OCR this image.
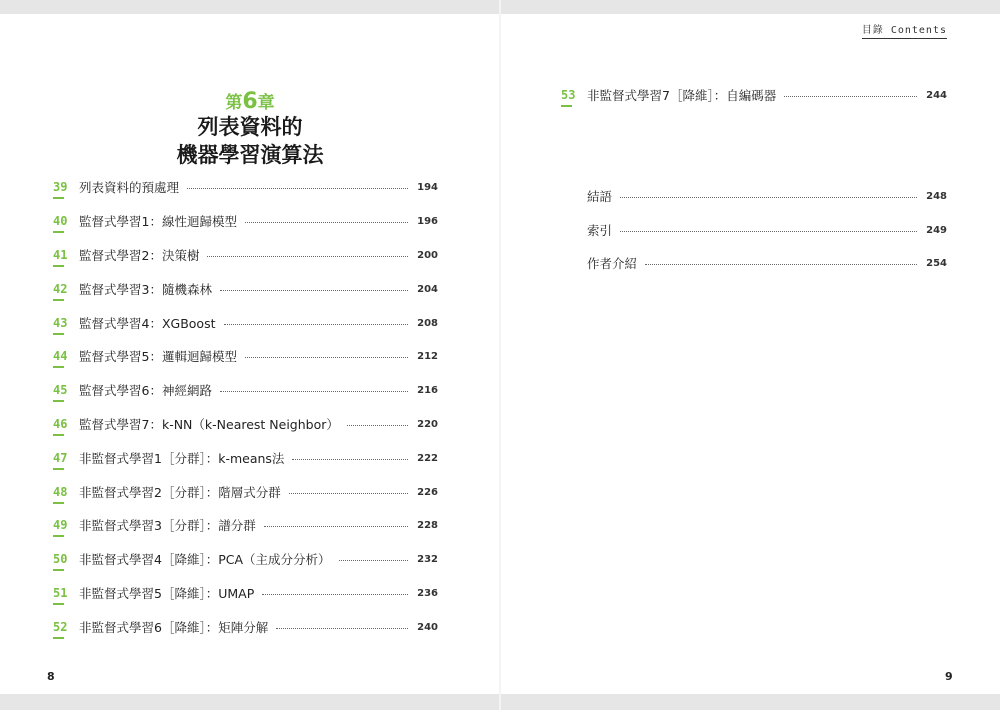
目錄 Contents
第6章
列表資料的
機器學習演算法
39 列表資料的預處理	194
40 監督式學習1：線性迴歸模型	196
41 監督式學習2：決策樹	200
42 監督式學習3：隨機森林	204
43 監督式學習4：XGBoost	208
44 監督式學習5：邏輯迴歸模型	212
45 監督式學習6：神經網路	216
46 監督式學習7：k-NN（k-Nearest Neighbor）	220
47 非監督式學習1［分群］：k-means法	222
48 非監督式學習2［分群］：階層式分群	226
49 非監督式學習3［分群］：譜分群	228
50 非監督式學習4［降維］：PCA（主成分分析）	232
51 非監督式學習5［降維］：UMAP	236
52 非監督式學習6［降維］：矩陣分解	240
53 非監督式學習7［降維］：自編碼器	244
結語	248
索引	249
作者介紹	254
8	9
